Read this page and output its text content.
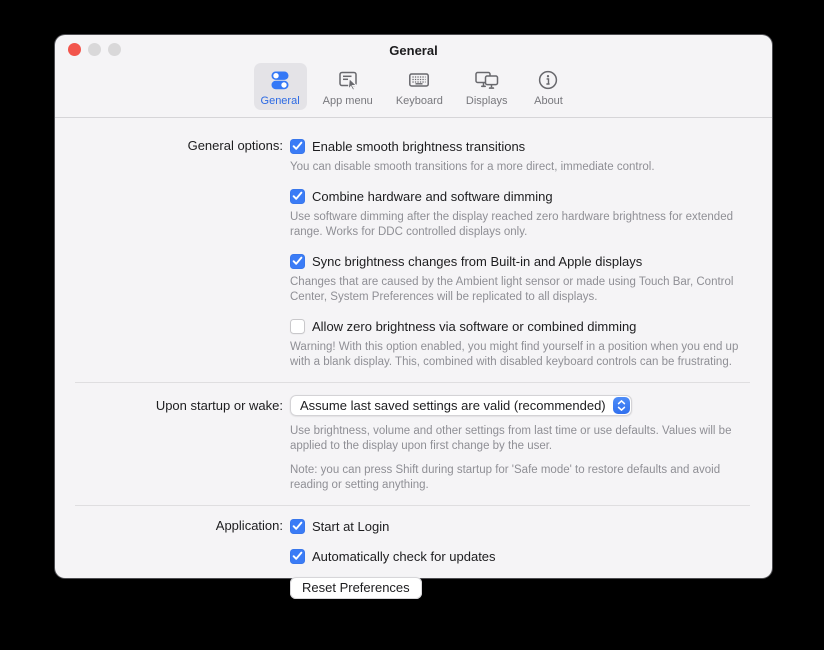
General
General App menu Keyboard Displays About
General options: Enable smooth brightness transitions
You can disable smooth transitions for a more direct, immediate control.
Combine hardware and software dimming
Use software dimming after the display reached zero hardware brightness for extended range. Works for DDC controlled displays only.
Sync brightness changes from Built-in and Apple displays
Changes that are caused by the Ambient light sensor or made using Touch Bar, Control Center, System Preferences will be replicated to all displays.
Allow zero brightness via software or combined dimming
Warning! With this option enabled, you might find yourself in a position when you end up with a blank display. This, combined with disabled keyboard controls can be frustrating.
Upon startup or wake: Assume last saved settings are valid (recommended)
Use brightness, volume and other settings from last time or use defaults. Values will be applied to the display upon first change by the user.
Note: you can press Shift during startup for 'Safe mode' to restore defaults and avoid reading or setting anything.
Application: Start at Login
Automatically check for updates
Reset Preferences
